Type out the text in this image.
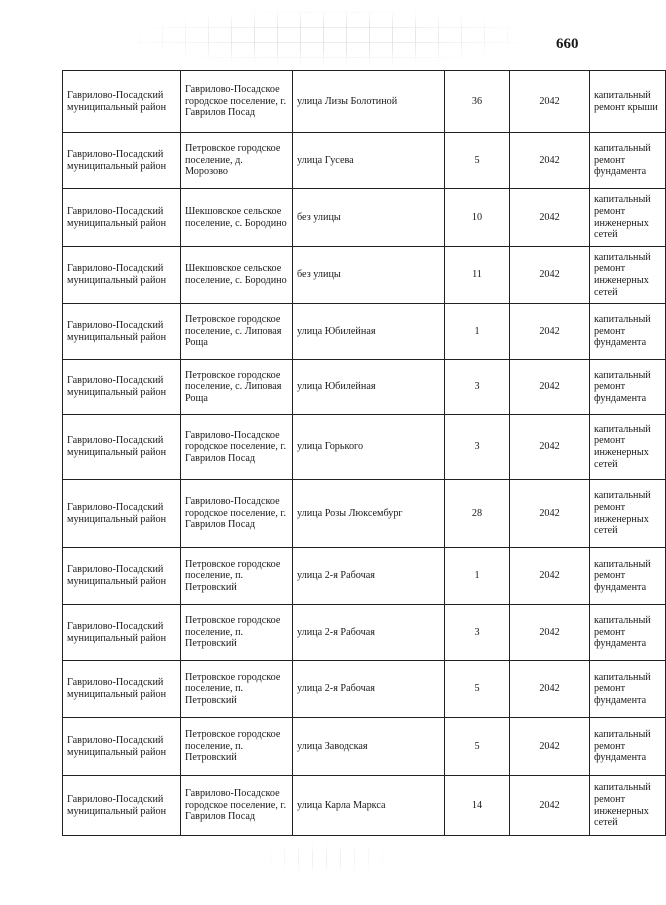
660
Гаврилово-Посадский муниципальный район	Гаврилово-Посадское городское поселение, г. Гаврилов Посад	улица Лизы Болотиной	36	2042	капитальный ремонт крыши
Гаврилово-Посадский муниципальный район	Петровское городское поселение, д. Морозово	улица Гусева	5	2042	капитальный ремонт фундамента
Гаврилово-Посадский муниципальный район	Шекшовское сельское поселение, с. Бородино	без улицы	10	2042	капитальный ремонт инженерных сетей
Гаврилово-Посадский муниципальный район	Шекшовское сельское поселение, с. Бородино	без улицы	11	2042	капитальный ремонт инженерных сетей
Гаврилово-Посадский муниципальный район	Петровское городское поселение, с. Липовая Роща	улица Юбилейная	1	2042	капитальный ремонт фундамента
Гаврилово-Посадский муниципальный район	Петровское городское поселение, с. Липовая Роща	улица Юбилейная	3	2042	капитальный ремонт фундамента
Гаврилово-Посадский муниципальный район	Гаврилово-Посадское городское поселение, г. Гаврилов Посад	улица Горького	3	2042	капитальный ремонт инженерных сетей
Гаврилово-Посадский муниципальный район	Гаврилово-Посадское городское поселение, г. Гаврилов Посад	улица Розы Люксембург	28	2042	капитальный ремонт инженерных сетей
Гаврилово-Посадский муниципальный район	Петровское городское поселение, п. Петровский	улица 2-я Рабочая	1	2042	капитальный ремонт фундамента
Гаврилово-Посадский муниципальный район	Петровское городское поселение, п. Петровский	улица 2-я Рабочая	3	2042	капитальный ремонт фундамента
Гаврилово-Посадский муниципальный район	Петровское городское поселение, п. Петровский	улица 2-я Рабочая	5	2042	капитальный ремонт фундамента
Гаврилово-Посадский муниципальный район	Петровское городское поселение, п. Петровский	улица Заводская	5	2042	капитальный ремонт фундамента
Гаврилово-Посадский муниципальный район	Гаврилово-Посадское городское поселение, г. Гаврилов Посад	улица Карла Маркса	14	2042	капитальный ремонт инженерных сетей
